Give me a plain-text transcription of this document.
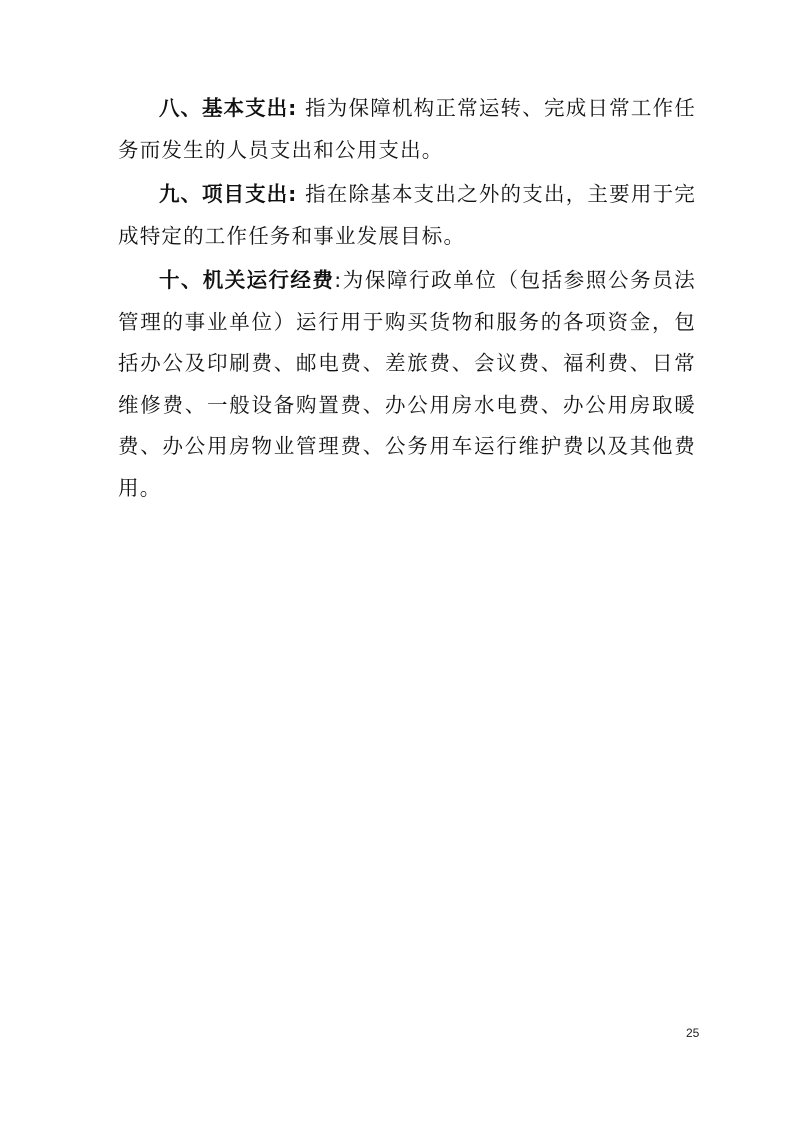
八、基本支出: 指为保障机构正常运转、完成日常工作任务而发生的人员支出和公用支出。

九、项目支出: 指在除基本支出之外的支出，主要用于完成特定的工作任务和事业发展目标。

十、机关运行经费:为保障行政单位（包括参照公务员法管理的事业单位）运行用于购买货物和服务的各项资金，包括办公及印刷费、邮电费、差旅费、会议费、福利费、日常维修费、一般设备购置费、办公用房水电费、办公用房取暖费、办公用房物业管理费、公务用车运行维护费以及其他费用。

25
